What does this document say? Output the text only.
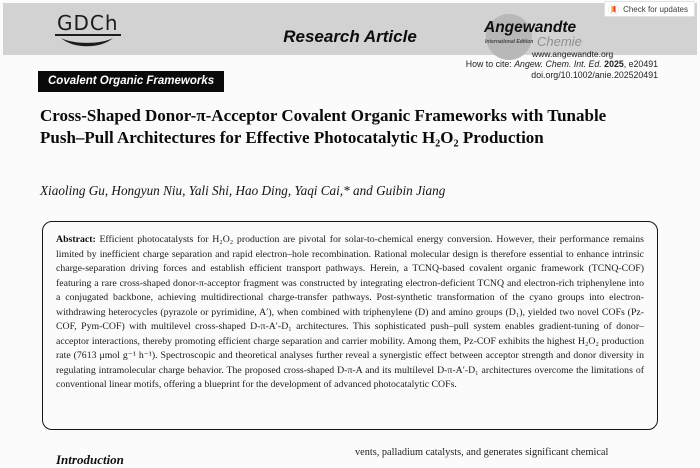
GDCh
Research Article	Angewandte
International Edition Chemie
www.angewandte.org
Check for updates
How to cite: Angew. Chem. Int. Ed. 2025, e20491
doi.org/10.1002/anie.202520491
Covalent Organic Frameworks
Cross-Shaped Donor-π-Acceptor Covalent Organic Frameworks with Tunable Push–Pull Architectures for Effective Photocatalytic H₂O₂ Production
Xiaoling Gu, Hongyun Niu, Yali Shi, Hao Ding, Yaqi Cai,* and Guibin Jiang
Abstract: Efficient photocatalysts for H₂O₂ production are pivotal for solar-to-chemical energy conversion. However, their performance remains limited by inefficient charge separation and rapid electron–hole recombination. Rational molecular design is therefore essential to enhance intrinsic charge-separation driving forces and establish efficient transport pathways. Herein, a TCNQ-based covalent organic framework (TCNQ-COF) featuring a rare cross-shaped donor-π-acceptor fragment was constructed by integrating electron-deficient TCNQ and electron-rich triphenylene into a conjugated backbone, achieving multidirectional charge-transfer pathways. Post-synthetic transformation of the cyano groups into electron-withdrawing heterocycles (pyrazole or pyrimidine, A′), when combined with triphenylene (D) and amino groups (D₁), yielded two novel COFs (Pz-COF, Pym-COF) with multilevel cross-shaped D-π-A′-D₁ architectures. This sophisticated push–pull system enables gradient-tuning of donor–acceptor interactions, thereby promoting efficient charge separation and carrier mobility. Among them, Pz-COF exhibits the highest H₂O₂ production rate (7613 μmol g⁻¹ h⁻¹). Spectroscopic and theoretical analyses further reveal a synergistic effect between acceptor strength and donor diversity in regulating intramolecular charge behavior. The proposed cross-shaped D-π-A and its multilevel D-π-A′-D₁ architectures overcome the limitations of conventional linear motifs, offering a blueprint for the development of advanced photocatalytic COFs.
Introduction	vents, palladium catalysts, and generates significant chemical
